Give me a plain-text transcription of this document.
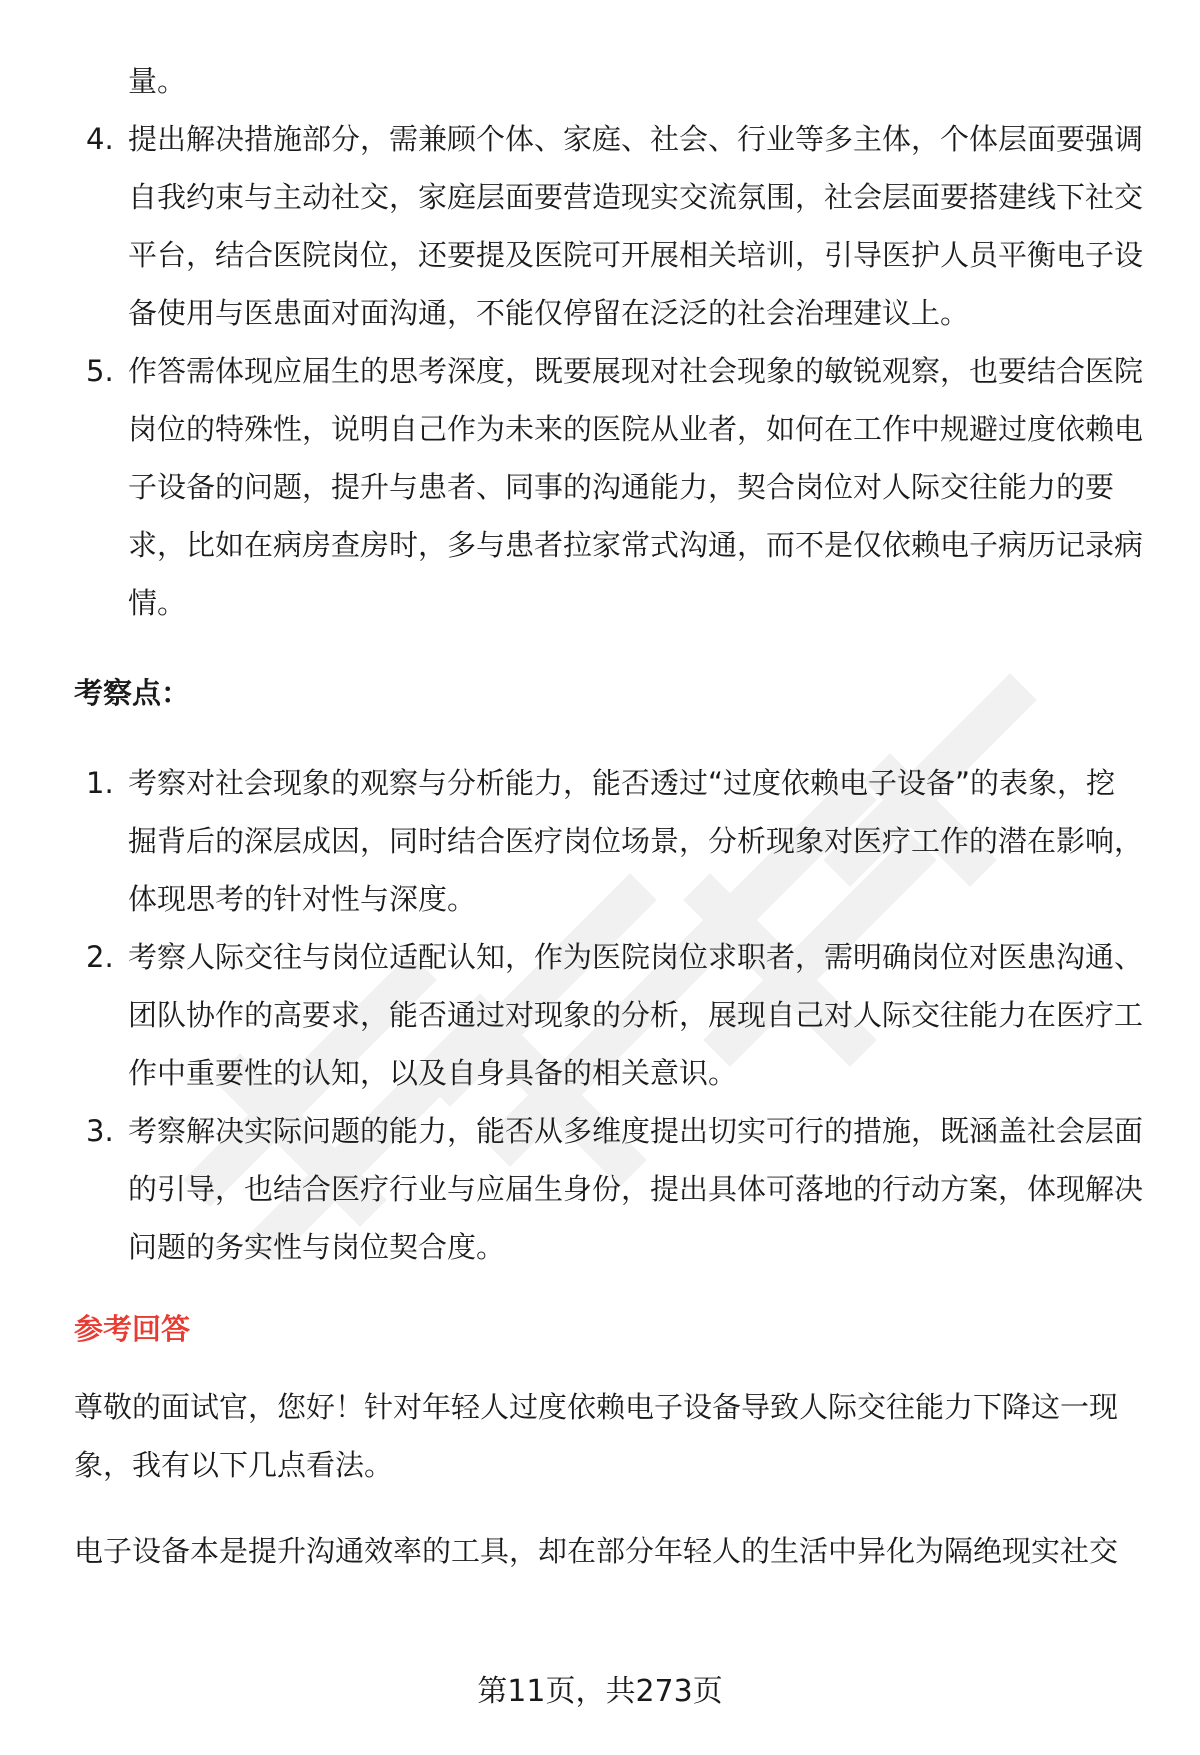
量。

4. 提出解决措施部分，需兼顾个体、家庭、社会、行业等多主体，个体层面要强调自我约束与主动社交，家庭层面要营造现实交流氛围，社会层面要搭建线下社交平台，结合医院岗位，还要提及医院可开展相关培训，引导医护人员平衡电子设备使用与医患面对面沟通，不能仅停留在泛泛的社会治理建议上。
5. 作答需体现应届生的思考深度，既要展现对社会现象的敏锐观察，也要结合医院岗位的特殊性，说明自己作为未来的医院从业者，如何在工作中规避过度依赖电子设备的问题，提升与患者、同事的沟通能力，契合岗位对人际交往能力的要求，比如在病房查房时，多与患者拉家常式沟通，而不是仅依赖电子病历记录病情。
考察点：
1. 考察对社会现象的观察与分析能力，能否透过“过度依赖电子设备”的表象，挖掘背后的深层成因，同时结合医疗岗位场景，分析现象对医疗工作的潜在影响，体现思考的针对性与深度。
2. 考察人际交往与岗位适配认知，作为医院岗位求职者，需明确岗位对医患沟通、团队协作的高要求，能否通过对现象的分析，展现自己对人际交往能力在医疗工作中重要性的认知，以及自身具备的相关意识。
3. 考察解决实际问题的能力，能否从多维度提出切实可行的措施，既涵盖社会层面的引导，也结合医疗行业与应届生身份，提出具体可落地的行动方案，体现解决问题的务实性与岗位契合度。
参考回答

尊敬的面试官，您好！针对年轻人过度依赖电子设备导致人际交往能力下降这一现象，我有以下几点看法。

电子设备本是提升沟通效率的工具，却在部分年轻人的生活中异化为隔绝现实社交

第11页，共273页
